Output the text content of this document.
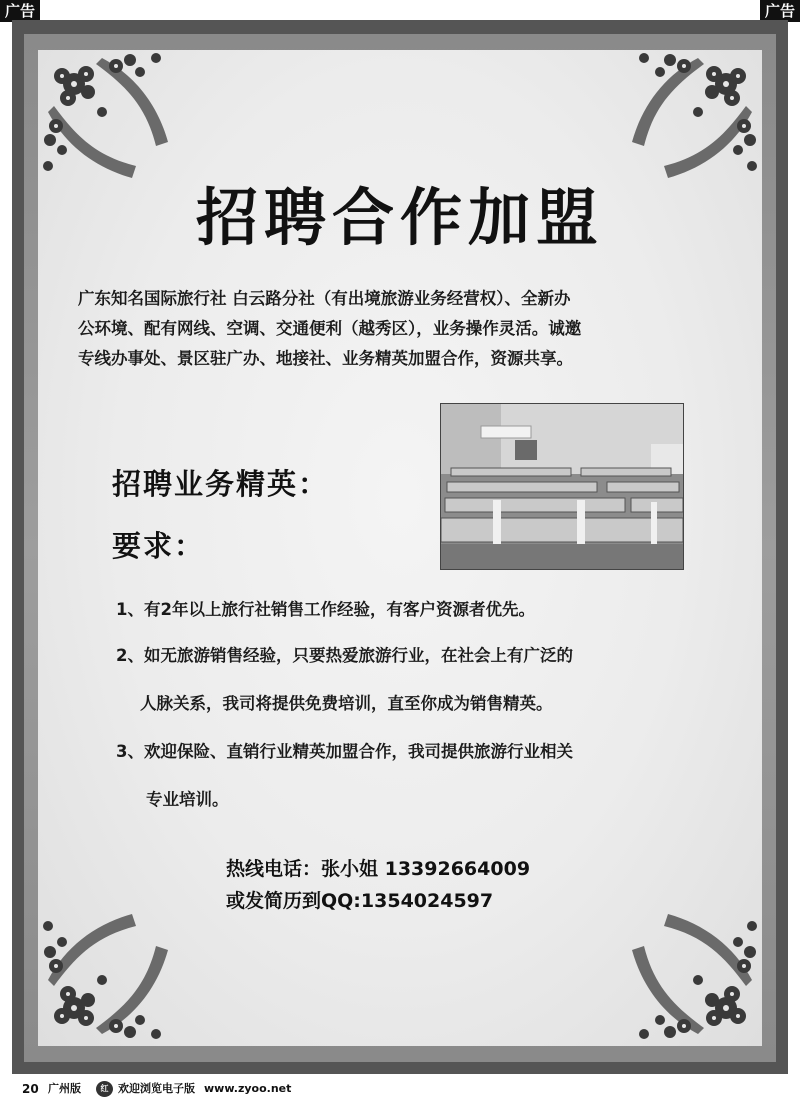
广告	广告
招聘合作加盟
广东知名国际旅行社 白云路分社（有出境旅游业务经营权）、全新办
公环境、配有网线、空调、交通便利（越秀区），业务操作灵活。诚邀
专线办事处、景区驻广办、地接社、业务精英加盟合作，资源共享。
招聘业务精英：
要求：
1、有2年以上旅行社销售工作经验，有客户资源者优先。
2、如无旅游销售经验，只要热爱旅游行业，在社会上有广泛的
人脉关系，我司将提供免费培训，直至你成为销售精英。
3、欢迎保险、直销行业精英加盟合作，我司提供旅游行业相关
专业培训。
热线电话：张小姐 13392664009
或发简历到QQ:1354024597
20 广州版	红 欢迎浏览电子版 www.zyoo.net
